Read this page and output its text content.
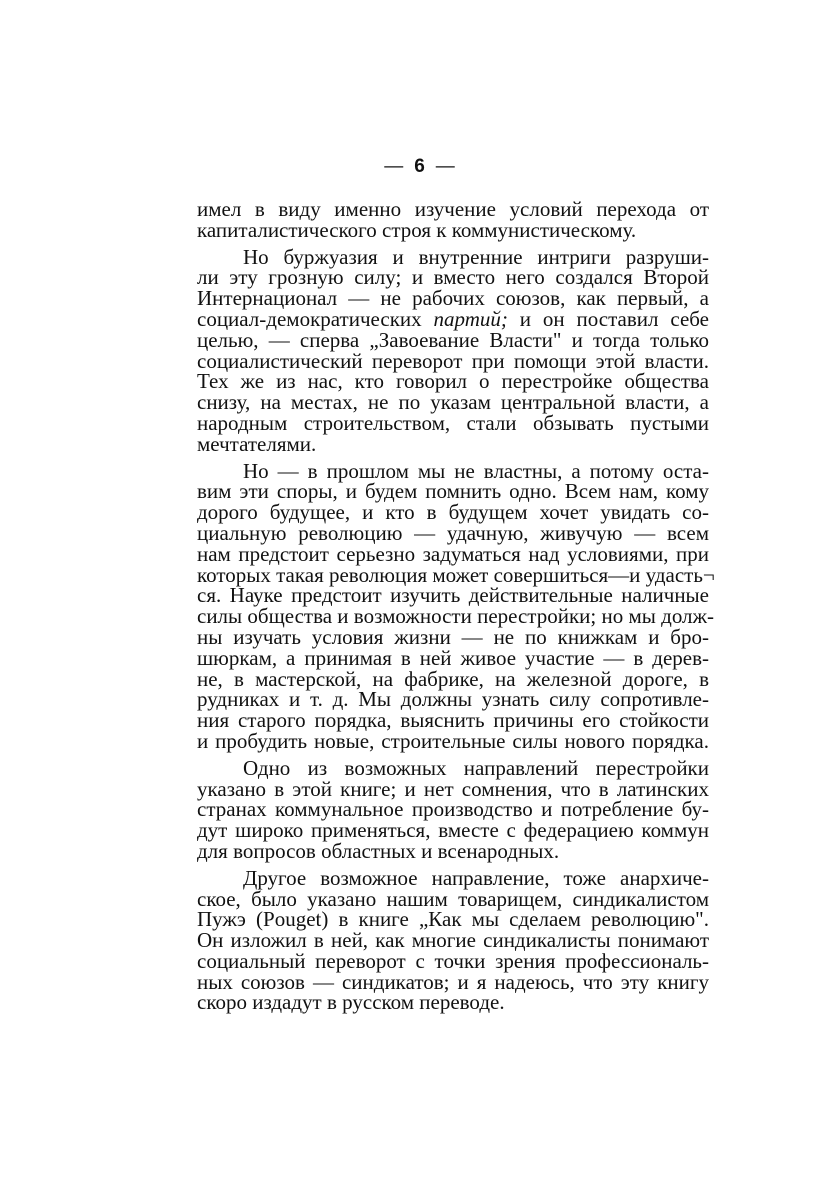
— 6 —
имел в виду именно изучение условий перехода от
капиталистического строя к коммунистическому.
Но буржуазия и внутренние интриги разруши-
ли эту грозную силу; и вместо него создался Второй
Интернационал — не рабочих союзов, как первый, а
социал-демократических партий; и он поставил себе
целью, — сперва „Завоевание Власти" и тогда только
социалистический переворот при помощи этой власти.
Тех же из нас, кто говорил о перестройке общества
снизу, на местах, не по указам центральной власти, а
народным строительством, стали обзывать пустыми
мечтателями.
Но — в прошлом мы не властны, а потому оста-
вим эти споры, и будем помнить одно. Всем нам, кому
дорого будущее, и кто в будущем хочет увидать со-
циальную революцию — удачную, живучую — всем
нам предстоит серьезно задуматься над условиями, при
которых такая революция может совершиться—и удасть¬
ся. Науке предстоит изучить действительные наличные
силы общества и возможности перестройки; но мы долж-
ны изучать условия жизни — не по книжкам и бро-
шюркам, а принимая в ней живое участие — в дерев-
не, в мастерской, на фабрике, на железной дороге, в
рудниках и т. д. Мы должны узнать силу сопротивле-
ния старого порядка, выяснить причины его стойкости
и пробудить новые, строительные силы нового порядка.
Одно из возможных направлений перестройки
указано в этой книге; и нет сомнения, что в латинских
странах коммунальное производство и потребление бу-
дут широко применяться, вместе с федерациею коммун
для вопросов областных и всенародных.
Другое возможное направление, тоже анархиче-
ское, было указано нашим товарищем, синдикалистом
Пужэ (Pouget) в книге „Как мы сделаем революцию".
Он изложил в ней, как многие синдикалисты понимают
социальный переворот с точки зрения профессиональ-
ных союзов — синдикатов; и я надеюсь, что эту книгу
скоро издадут в русском переводе.
